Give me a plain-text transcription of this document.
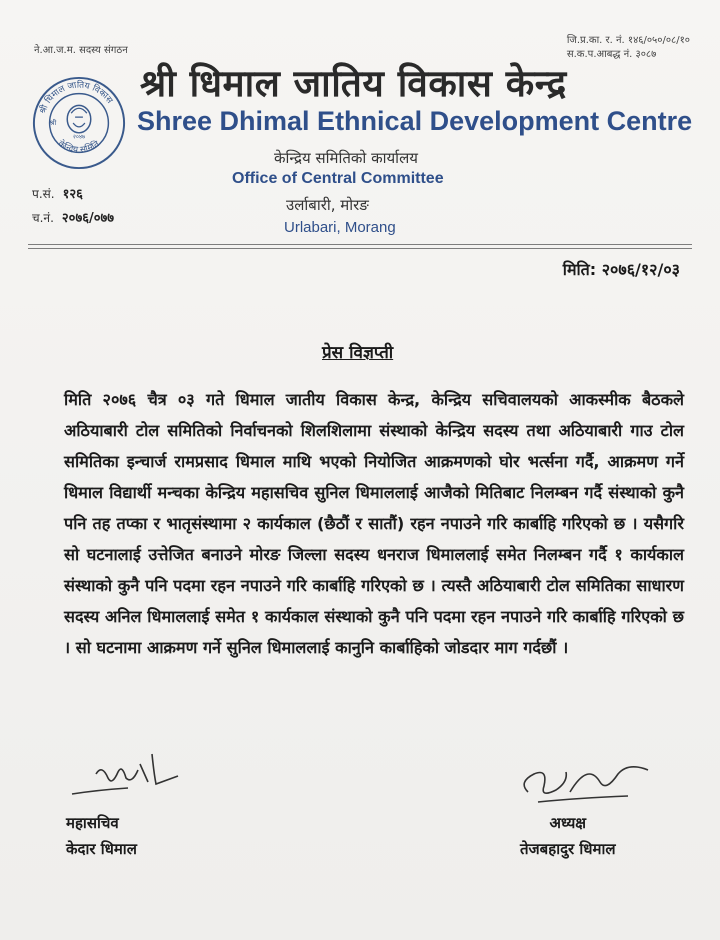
ने.आ.ज.म. सदस्य संगठन
जि.प्र.का. र. नं. १४६/०५०/०८/१०
स.क.प.आबद्ध नं. ३०८७
श्री धिमाल जातिय विकास
केन्द्रिय समिति
२०४७
श्री
श्री धिमाल जातिय विकास केन्द्र
Shree Dhimal Ethnical Development Centre
केन्द्रिय समितिको कार्यालय
Office of Central Committee
उर्लाबारी, मोरङ
Urlabari, Morang
प.सं. १२६
च.नं. २०७६/०७७
मिति: २०७६/१२/०३
प्रेस विज्ञप्ती
मिति २०७६ चैत्र ०३ गते धिमाल जातीय विकास केन्द्र, केन्द्रिय सचिवालयको आकस्मीक बैठकले अठियाबारी टोल समितिको निर्वाचनको शिलशिलामा संस्थाको केन्द्रिय सदस्य तथा अठियाबारी गाउ टोल समितिका इन्चार्ज रामप्रसाद धिमाल माथि भएको नियोजित आक्रमणको घोर भर्त्सना गर्दै, आक्रमण गर्ने धिमाल विद्यार्थी मन्चका केन्द्रिय महासचिव सुनिल धिमाललाई आजैको मितिबाट निलम्बन गर्दै संस्थाको कुनै पनि तह तप्का र भातृसंस्थामा २ कार्यकाल (छैठौं र सातौं) रहन नपाउने गरि कार्बाहि गरिएको छ । यसैगरि सो घटनालाई उत्तेजित बनाउने मोरङ जिल्ला सदस्य धनराज धिमाललाई समेत निलम्बन गर्दै १ कार्यकाल संस्थाको कुनै पनि पदमा रहन नपाउने गरि कार्बाहि गरिएको छ । त्यस्तै अठियाबारी टोल समितिका साधारण सदस्य अनिल धिमाललाई समेत १ कार्यकाल संस्थाको कुनै पनि पदमा रहन नपाउने गरि कार्बाहि गरिएको छ । सो घटनामा आक्रमण गर्ने सुनिल धिमाललाई कानुनि कार्बाहिको जोडदार माग गर्दछौं ।
महासचिव
केदार धिमाल
अध्यक्ष
तेजबहादुर धिमाल
